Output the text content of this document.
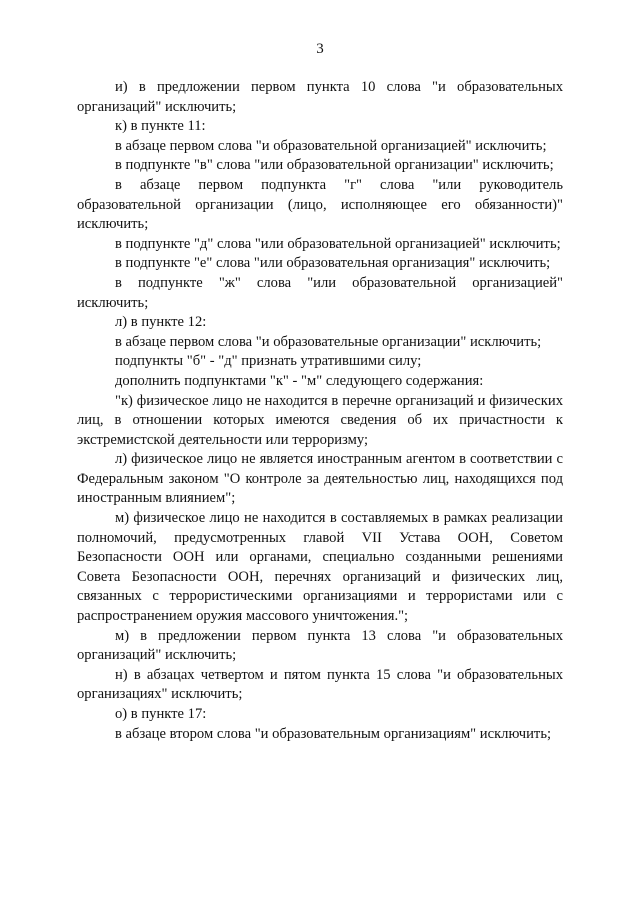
3

и) в предложении первом пункта 10 слова "и образовательных организаций" исключить;

к) в пункте 11:

в абзаце первом слова "и образовательной организацией" исключить;

в подпункте "в" слова "или образовательной организации" исключить;

в абзаце первом подпункта "г" слова "или руководитель образовательной организации (лицо, исполняющее его обязанности)" исключить;

в подпункте "д" слова "или образовательной организацией" исключить;

в подпункте "е" слова "или образовательная организация" исключить;

в подпункте "ж" слова "или образовательной организацией" исключить;

л) в пункте 12:

в абзаце первом слова "и образовательные организации" исключить;

подпункты "б" - "д" признать утратившими силу;

дополнить подпунктами "к" - "м" следующего содержания:

"к) физическое лицо не находится в перечне организаций и физических лиц, в отношении которых имеются сведения об их причастности к экстремистской деятельности или терроризму;

л) физическое лицо не является иностранным агентом в соответствии с Федеральным законом "О контроле за деятельностью лиц, находящихся под иностранным влиянием";

м) физическое лицо не находится в составляемых в рамках реализации полномочий, предусмотренных главой VII Устава ООН, Советом Безопасности ООН или органами, специально созданными решениями Совета Безопасности ООН, перечнях организаций и физических лиц, связанных с террористическими организациями и террористами или с распространением оружия массового уничтожения.";

м) в предложении первом пункта 13 слова "и образовательных организаций" исключить;

н) в абзацах четвертом и пятом пункта 15 слова "и образовательных организациях" исключить;

о) в пункте 17:

в абзаце втором слова "и образовательным организациям" исключить;
